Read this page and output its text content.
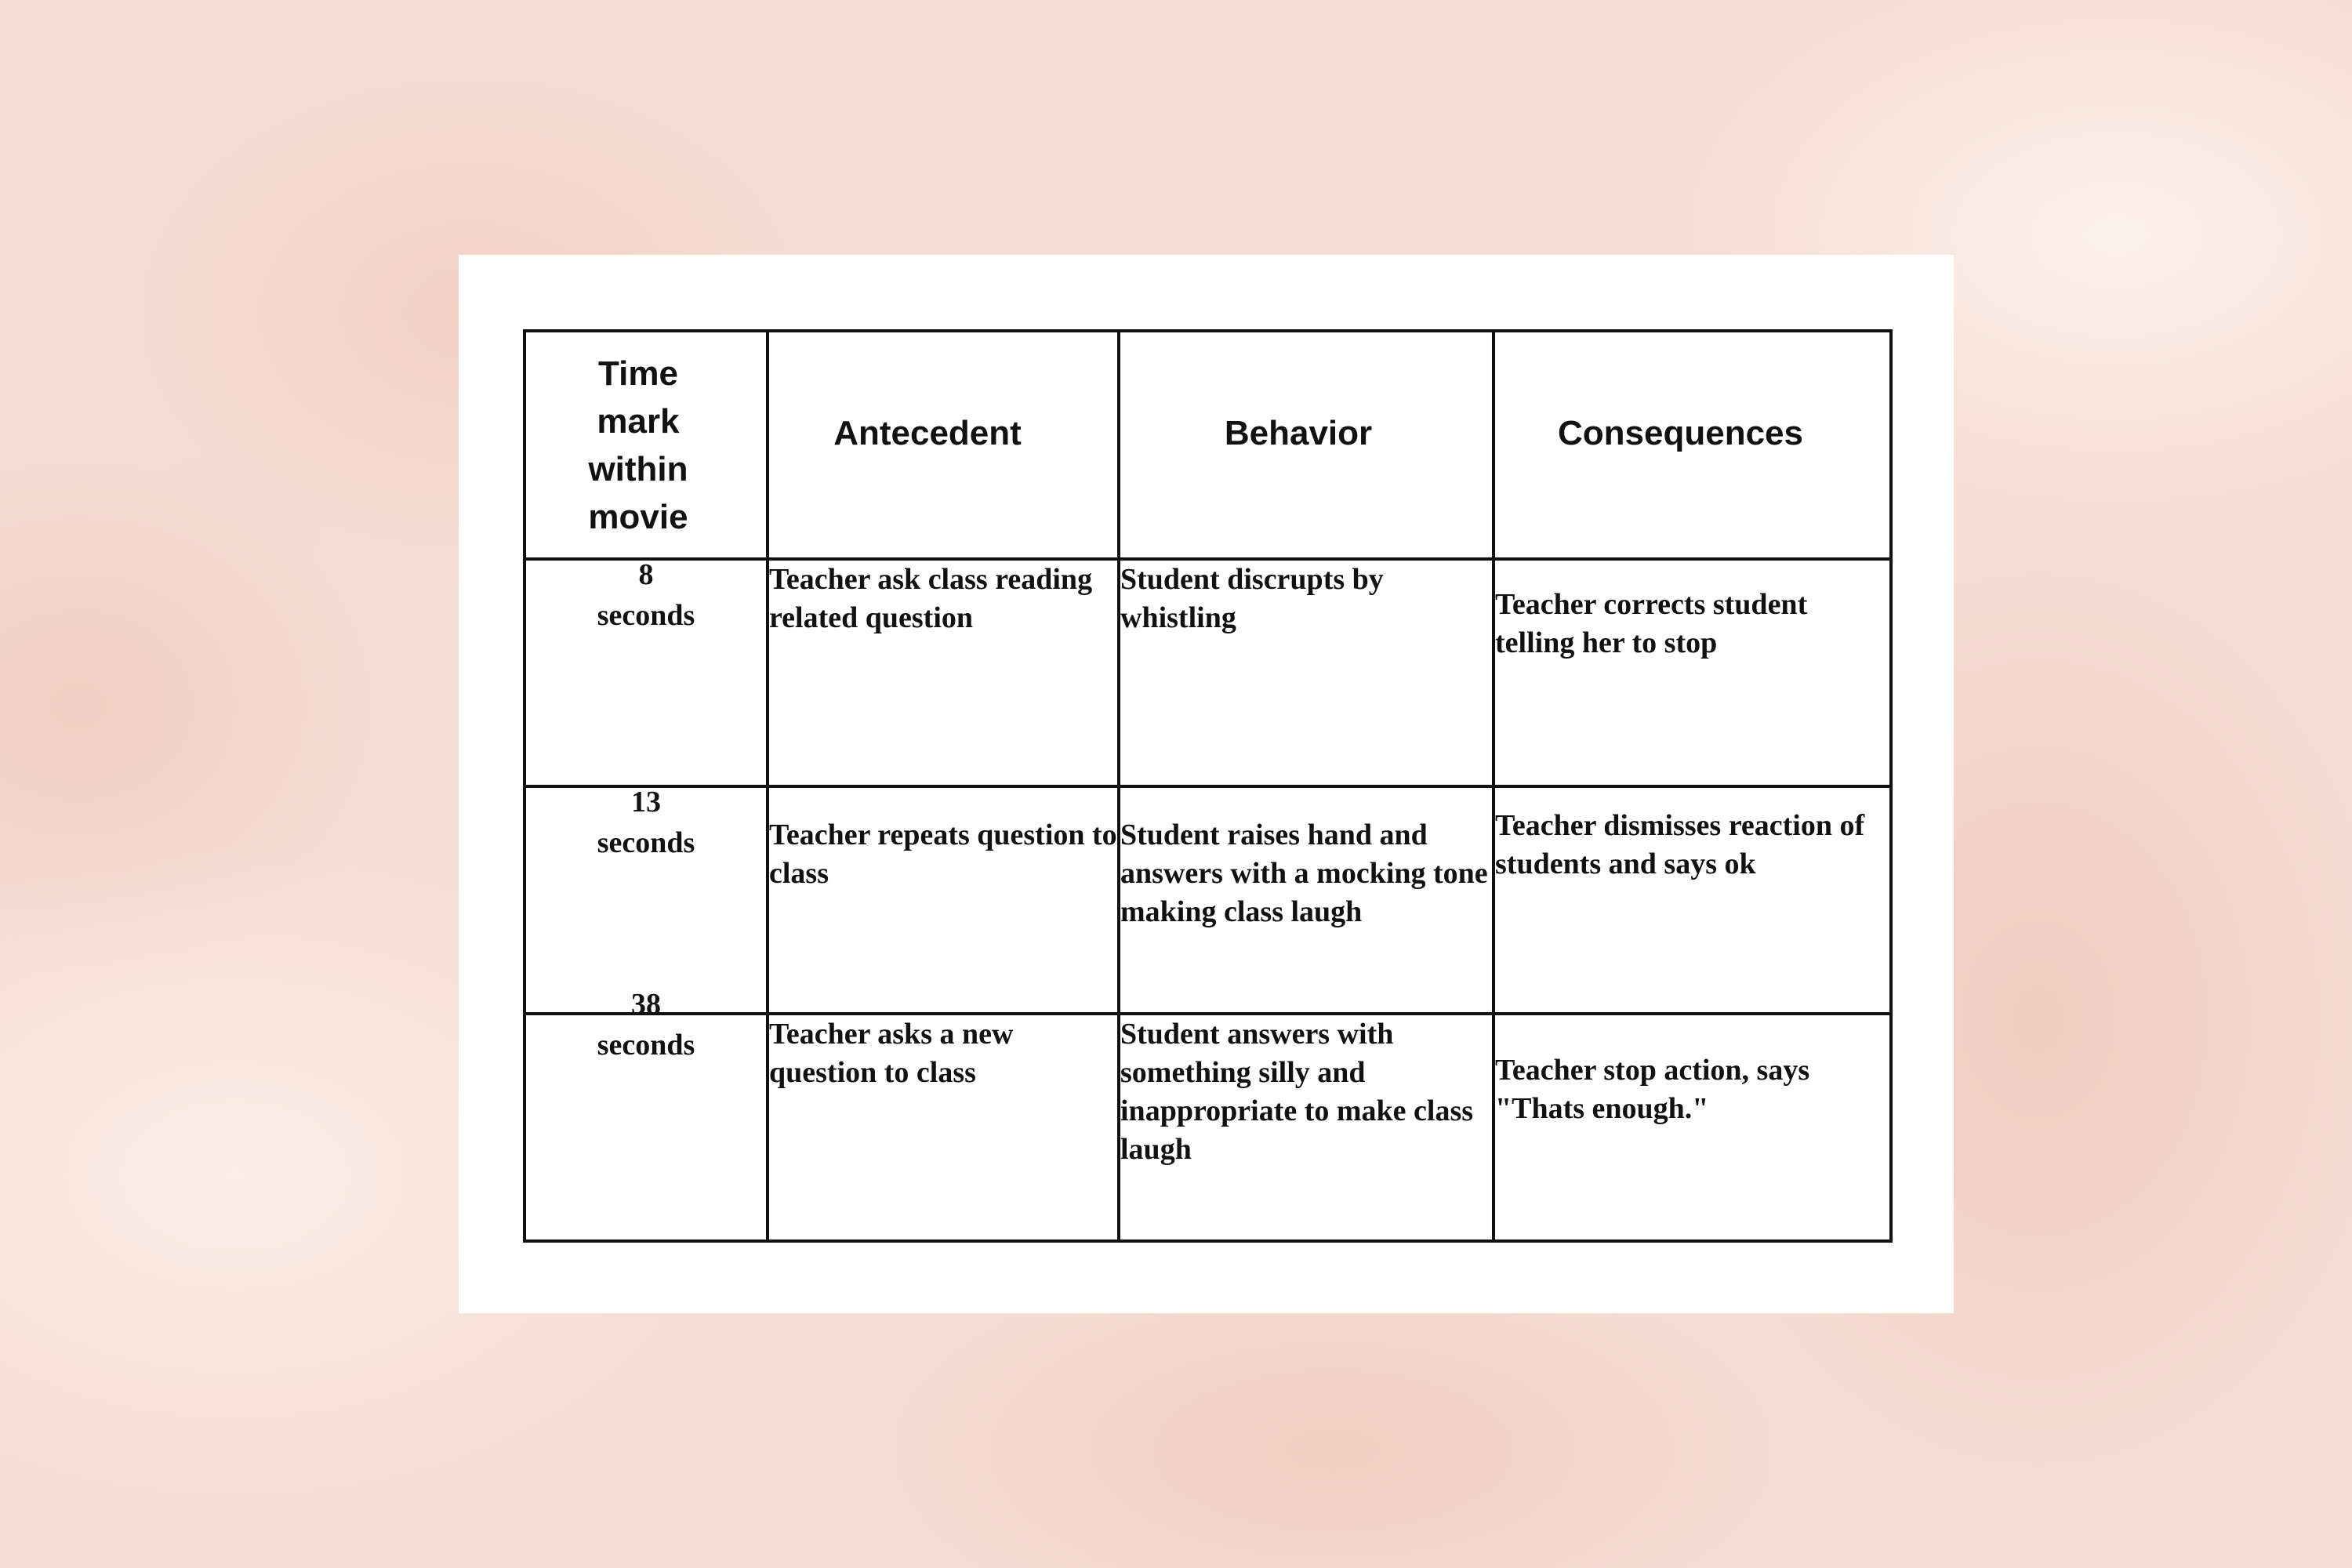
Time
mark
within
movie	Antecedent	Behavior	Consequences

8
seconds	Teacher ask class reading related question	Student discrupts by whistling	Teacher corrects student telling her to stop

13
seconds	Teacher repeats question to class	Student raises hand and answers with a mocking tone making class laugh	Teacher dismisses reaction of students and says ok

38
seconds	Teacher asks a new question to class	Student answers with something silly and inappropriate to make class laugh	Teacher stop action, says "Thats enough."
